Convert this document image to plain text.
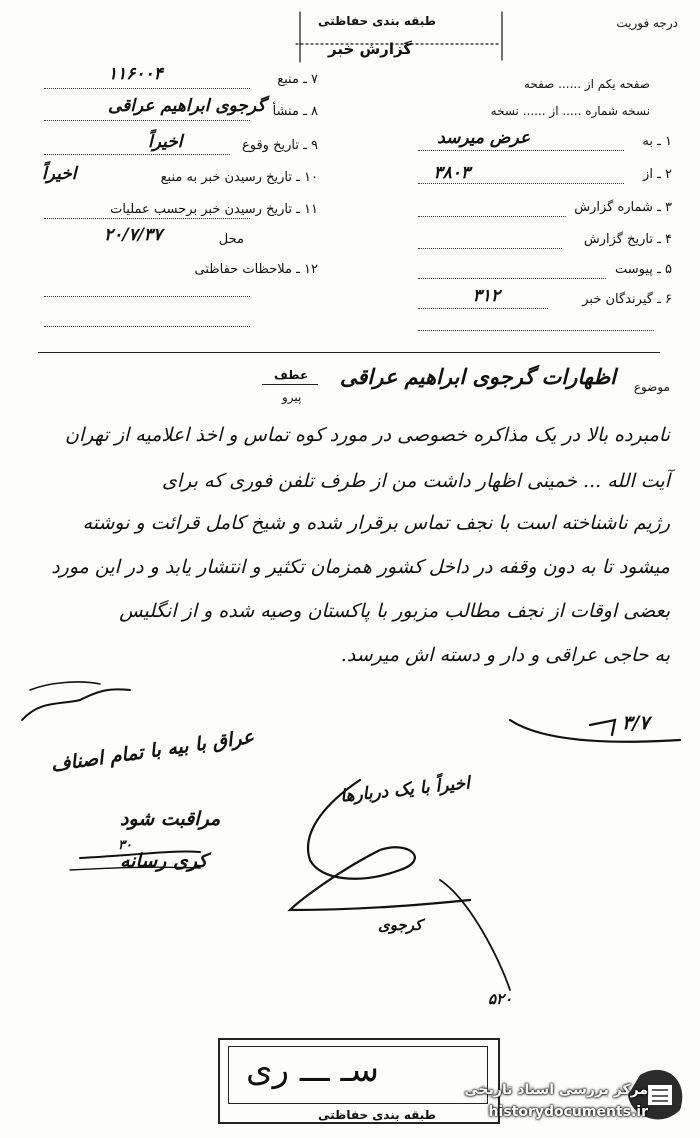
درجه فوریت
طبقه بندی حفاظتی
گزارش خبر
صفحه یکم از ...... صفحه
نسخه شماره ..... از ...... نسخه
۱ ـ به
عرض میرسد
۲ ـ از
۳۸۰۳
۳ ـ شماره گزارش
۴ ـ تاریخ گزارش
۵ ـ پیوست
۶ ـ گیرندگان خبر
۳۱۲
۷ ـ منبع
۱۱۶۰۰۴
۸ ـ منشأ
گرجوی ابراهیم عراقی
۹ ـ تاریخ وقوع
اخیراً
۱۰ ـ تاریخ رسیدن خبر به منبع
اخیراً
۱۱ ـ تاریخ رسیدن خبر برحسب عملیات
محل
۲۰/۷/۳۷
۱۲ ـ ملاحظات حفاظتی
عطف
پیرو
موضوع
اظهارات گرجوی ابراهیم عراقی
نامبرده بالا در یک مذاکره خصوصی در مورد کوه تماس و اخذ اعلامیه از تهران
آیت الله ... خمینی اظهار داشت من از طرف تلفن فوری که برای
رژیم ناشناخته است با نجف تماس برقرار شده و شیخ کامل قرائت و نوشته
میشود تا به دون وقفه در داخل کشور همزمان تکثیر و انتشار یابد و در این مورد
بعضی اوقات از نجف مطالب مزبور با پاکستان وصیه شده و از انگلیس
به حاجی عراقی و دار و دسته اش میرسد.
عراق با بیه با تمام اصناف
مراقبت شود
کری رسانه
۳/۷
اخیراً با یک دربارها
کرجوی
۵۲۰
۳۰
سـ ـــ ری
طبقه بندی حفاظتی
مرکز بررسی اسناد تاریخی
historydocuments.ir
